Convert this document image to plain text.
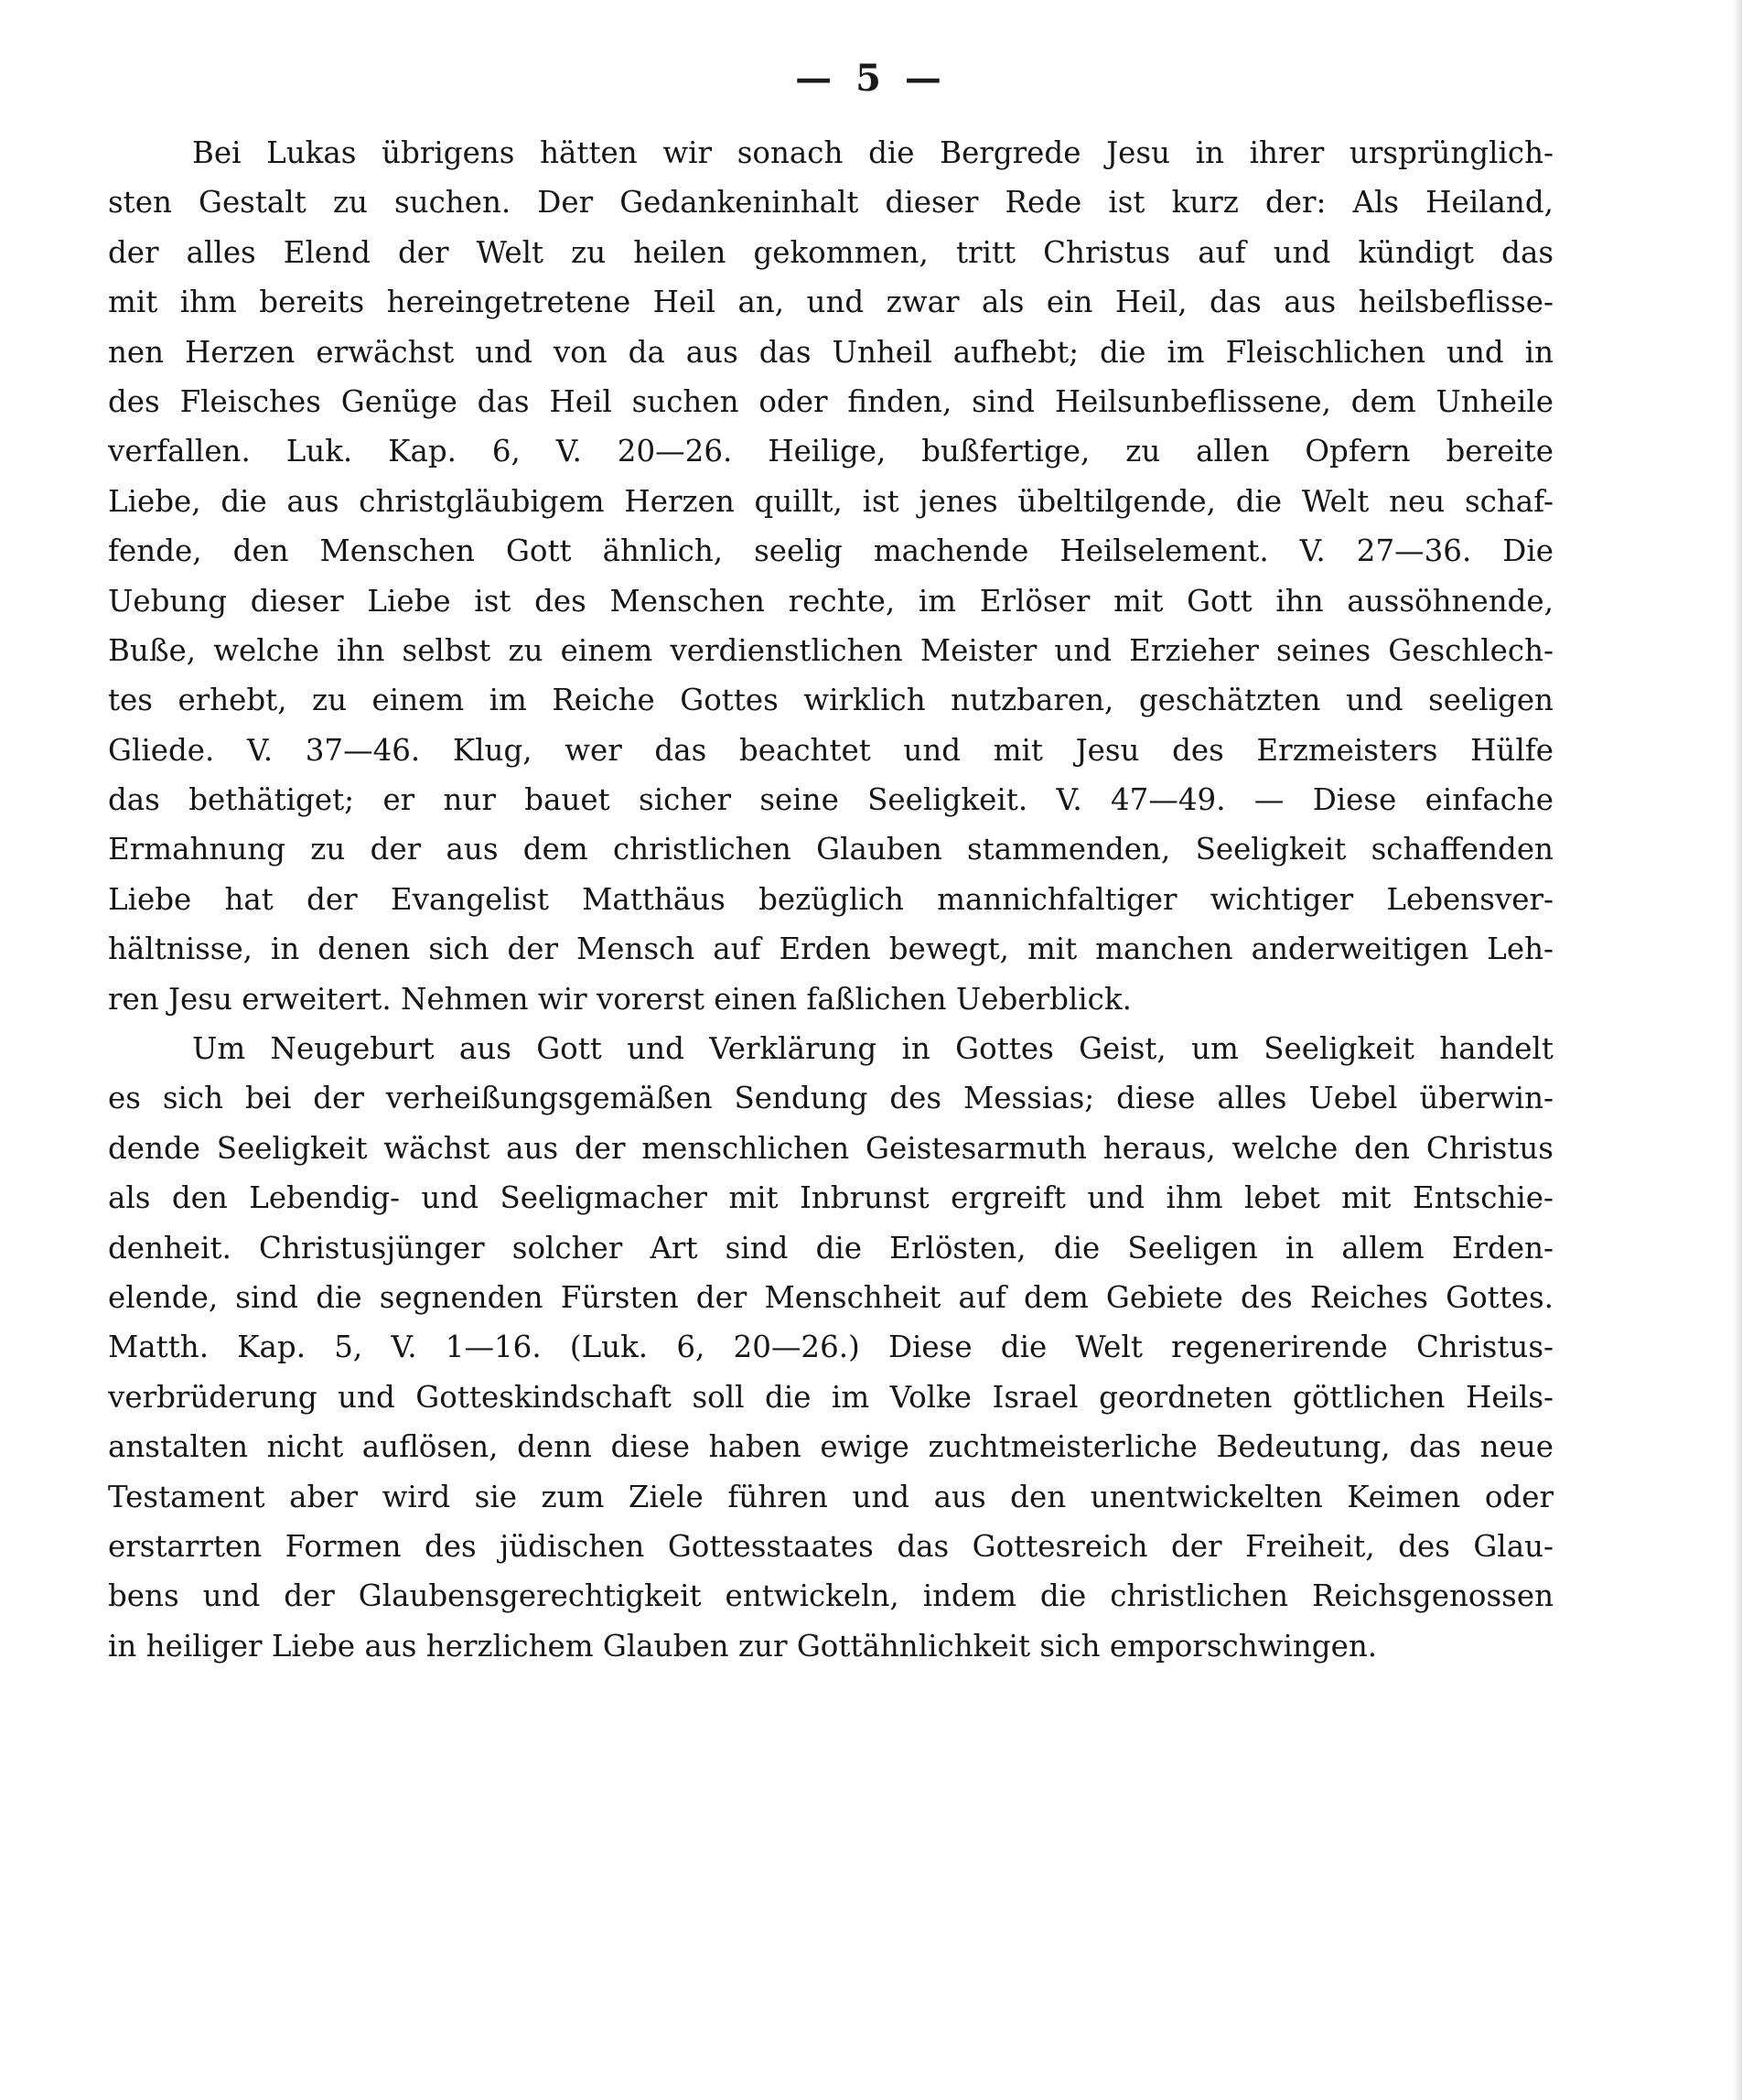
— 5 —

Bei Lukas übrigens hätten wir sonach die Bergrede Jesu in ihrer ursprünglich-
sten Gestalt zu suchen. Der Gedankeninhalt dieser Rede ist kurz der: Als Heiland,
der alles Elend der Welt zu heilen gekommen, tritt Christus auf und kündigt das
mit ihm bereits hereingetretene Heil an, und zwar als ein Heil, das aus heilsbeflisse-
nen Herzen erwächst und von da aus das Unheil aufhebt; die im Fleischlichen und in
des Fleisches Genüge das Heil suchen oder finden, sind Heilsunbeflissene, dem Unheile
verfallen. Luk. Kap. 6, V. 20—26. Heilige, bußfertige, zu allen Opfern bereite
Liebe, die aus christgläubigem Herzen quillt, ist jenes übeltilgende, die Welt neu schaf-
fende, den Menschen Gott ähnlich, seelig machende Heilselement. V. 27—36. Die
Uebung dieser Liebe ist des Menschen rechte, im Erlöser mit Gott ihn aussöhnende,
Buße, welche ihn selbst zu einem verdienstlichen Meister und Erzieher seines Geschlech-
tes erhebt, zu einem im Reiche Gottes wirklich nutzbaren, geschätzten und seeligen
Gliede. V. 37—46. Klug, wer das beachtet und mit Jesu des Erzmeisters Hülfe
das bethätiget; er nur bauet sicher seine Seeligkeit. V. 47—49. — Diese einfache
Ermahnung zu der aus dem christlichen Glauben stammenden, Seeligkeit schaffenden
Liebe hat der Evangelist Matthäus bezüglich mannichfaltiger wichtiger Lebensver-
hältnisse, in denen sich der Mensch auf Erden bewegt, mit manchen anderweitigen Leh-
ren Jesu erweitert. Nehmen wir vorerst einen faßlichen Ueberblick.

Um Neugeburt aus Gott und Verklärung in Gottes Geist, um Seeligkeit handelt
es sich bei der verheißungsgemäßen Sendung des Messias; diese alles Uebel überwin-
dende Seeligkeit wächst aus der menschlichen Geistesarmuth heraus, welche den Christus
als den Lebendig- und Seeligmacher mit Inbrunst ergreift und ihm lebet mit Entschie-
denheit. Christusjünger solcher Art sind die Erlösten, die Seeligen in allem Erden-
elende, sind die segnenden Fürsten der Menschheit auf dem Gebiete des Reiches Gottes.
Matth. Kap. 5, V. 1—16. (Luk. 6, 20—26.) Diese die Welt regenerirende Christus-
verbrüderung und Gotteskindschaft soll die im Volke Israel geordneten göttlichen Heils-
anstalten nicht auflösen, denn diese haben ewige zuchtmeisterliche Bedeutung, das neue
Testament aber wird sie zum Ziele führen und aus den unentwickelten Keimen oder
erstarrten Formen des jüdischen Gottesstaates das Gottesreich der Freiheit, des Glau-
bens und der Glaubensgerechtigkeit entwickeln, indem die christlichen Reichsgenossen
in heiliger Liebe aus herzlichem Glauben zur Gottähnlichkeit sich emporschwingen.
